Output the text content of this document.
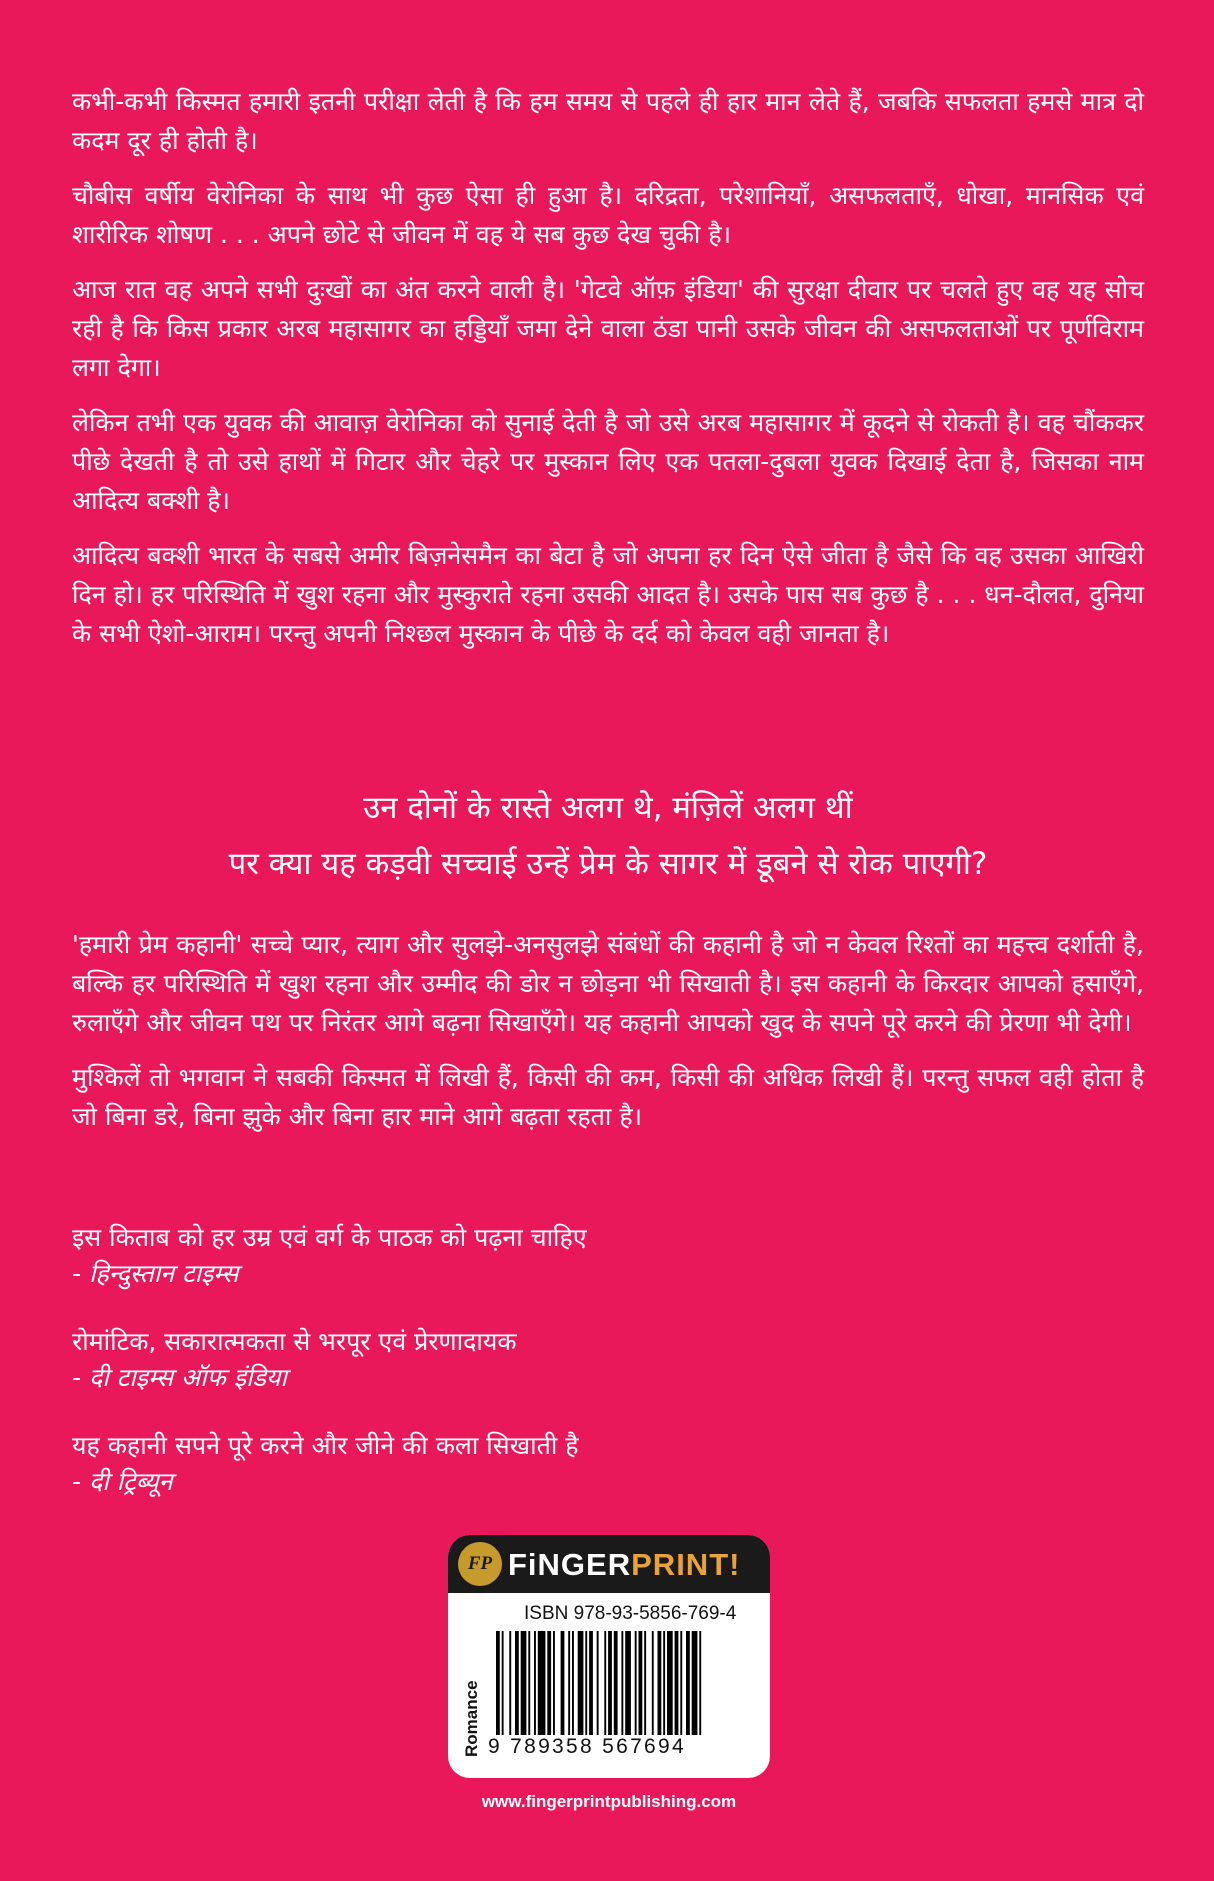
कभी-कभी किस्मत हमारी इतनी परीक्षा लेती है कि हम समय से पहले ही हार मान लेते हैं, जबकि सफलता हमसे मात्र दो कदम दूर ही होती है।

चौबीस वर्षीय वेरोनिका के साथ भी कुछ ऐसा ही हुआ है। दरिद्रता, परेशानियाँ, असफलताएँ, धोखा, मानसिक एवं शारीरिक शोषण . . . अपने छोटे से जीवन में वह ये सब कुछ देख चुकी है।

आज रात वह अपने सभी दुःखों का अंत करने वाली है। 'गेटवे ऑफ़ इंडिया' की सुरक्षा दीवार पर चलते हुए वह यह सोच रही है कि किस प्रकार अरब महासागर का हड्डियाँ जमा देने वाला ठंडा पानी उसके जीवन की असफलताओं पर पूर्णविराम लगा देगा।

लेकिन तभी एक युवक की आवाज़ वेरोनिका को सुनाई देती है जो उसे अरब महासागर में कूदने से रोकती है। वह चौंककर पीछे देखती है तो उसे हाथों में गिटार और चेहरे पर मुस्कान लिए एक पतला-दुबला युवक दिखाई देता है, जिसका नाम आदित्य बक्शी है।

आदित्य बक्शी भारत के सबसे अमीर बिज़नेसमैन का बेटा है जो अपना हर दिन ऐसे जीता है जैसे कि वह उसका आखिरी दिन हो। हर परिस्थिति में खुश रहना और मुस्कुराते रहना उसकी आदत है। उसके पास सब कुछ है . . . धन-दौलत, दुनिया के सभी ऐशो-आराम। परन्तु अपनी निश्छल मुस्कान के पीछे के दर्द को केवल वही जानता है।

उन दोनों के रास्ते अलग थे, मंज़िलें अलग थीं
पर क्या यह कड़वी सच्चाई उन्हें प्रेम के सागर में डूबने से रोक पाएगी?

'हमारी प्रेम कहानी' सच्चे प्यार, त्याग और सुलझे-अनसुलझे संबंधों की कहानी है जो न केवल रिश्तों का महत्त्व दर्शाती है, बल्कि हर परिस्थिति में खुश रहना और उम्मीद की डोर न छोड़ना भी सिखाती है। इस कहानी के किरदार आपको हसाएँगे, रुलाएँगे और जीवन पथ पर निरंतर आगे बढ़ना सिखाएँगे। यह कहानी आपको खुद के सपने पूरे करने की प्रेरणा भी देगी।

मुश्किलें तो भगवान ने सबकी किस्मत में लिखी हैं, किसी की कम, किसी की अधिक लिखी हैं। परन्तु सफल वही होता है जो बिना डरे, बिना झुके और बिना हार माने आगे बढ़ता रहता है।

इस किताब को हर उम्र एवं वर्ग के पाठक को पढ़ना चाहिए
- हिन्दुस्तान टाइम्स
रोमांटिक, सकारात्मकता से भरपूर एवं प्रेरणादायक
- दी टाइम्स ऑफ इंडिया
यह कहानी सपने पूरे करने और जीने की कला सिखाती है
- दी ट्रिब्यून
FP FiNGERPRINT!
ISBN 978-93-5856-769-4
Romance 9 789358 567694
www.fingerprintpublishing.com
